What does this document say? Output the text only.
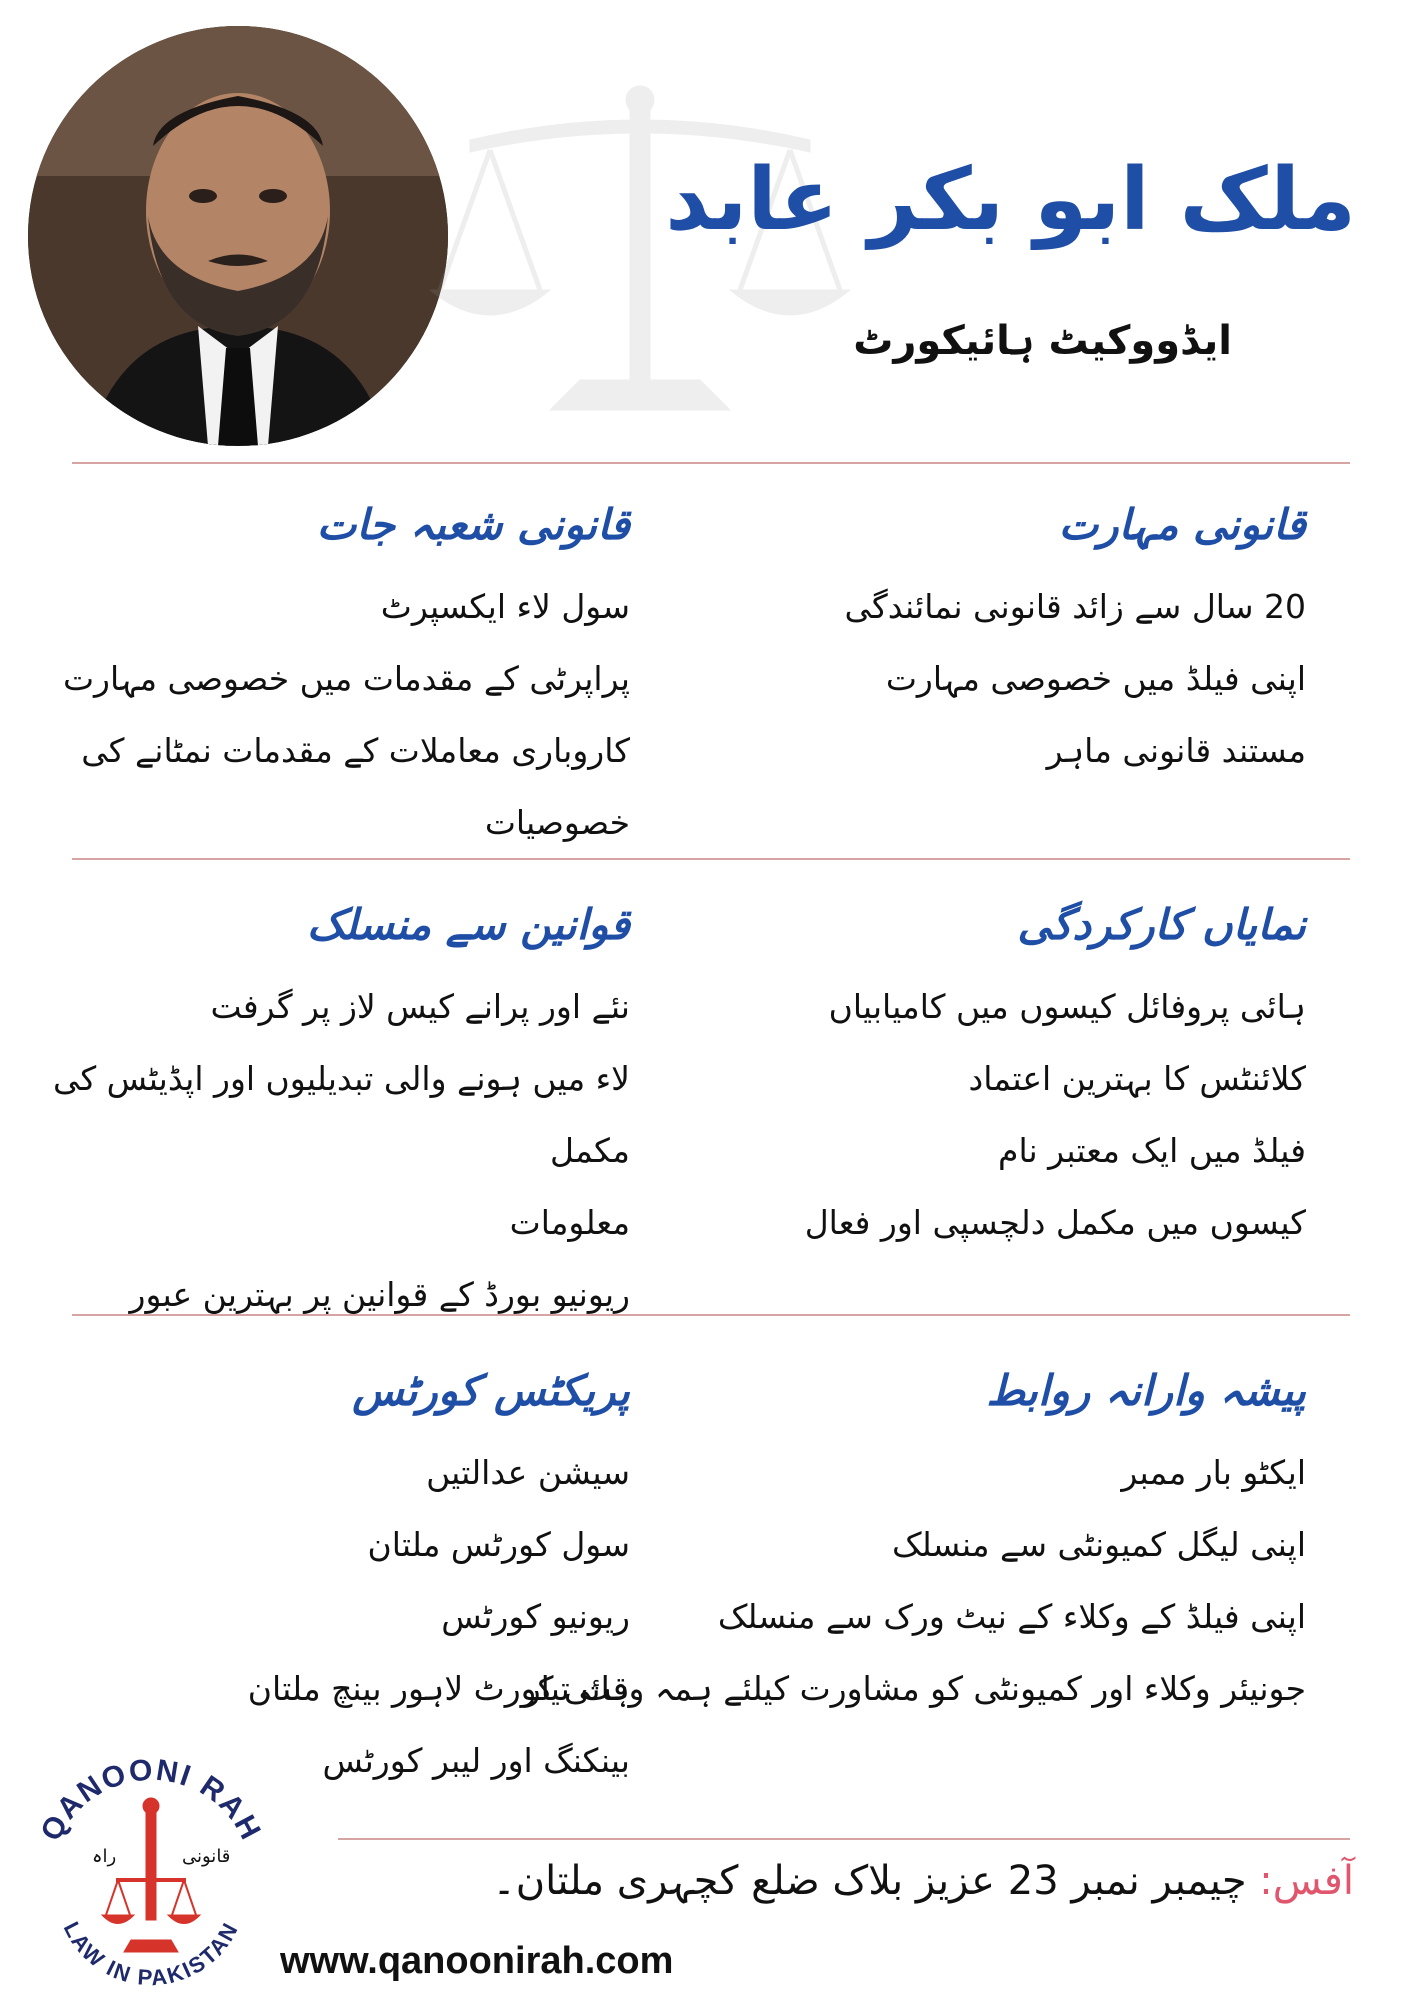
ملک ابو بکر عابد
ایڈووکیٹ ہائیکورٹ
قانونی مہارت
20 سال سے زائد قانونی نمائندگی
اپنی فیلڈ میں خصوصی مہارت
مستند قانونی ماہر
قانونی شعبہ جات
سول لاء ایکسپرٹ
پراپرٹی کے مقدمات میں خصوصی مہارت
کاروباری معاملات کے مقدمات نمٹانے کی
خصوصیات
نمایاں کارکردگی
ہائی پروفائل کیسوں میں کامیابیاں
کلائنٹس کا بہترین اعتماد
فیلڈ میں ایک معتبر نام
کیسوں میں مکمل دلچسپی اور فعال
قوانین سے منسلک
نئے اور پرانے کیس لاز پر گرفت
لاء میں ہونے والی تبدیلیوں اور اپڈیٹس کی مکمل
معلومات
ریونیو بورڈ کے قوانین پر بہترین عبور
پیشہ وارانہ روابط
ایکٹو بار ممبر
اپنی لیگل کمیونٹی سے منسلک
اپنی فیلڈ کے وکلاء کے نیٹ ورک سے منسلک
جونیئر وکلاء اور کمیونٹی کو مشاورت کیلئے ہمہ وقت تیار
پریکٹس کورٹس
سیشن عدالتیں
سول کورٹس ملتان
ریونیو کورٹس
ہائی کورٹ لاہور بینچ ملتان
بینکنگ اور لیبر کورٹس
QANOONI RAH
LAW IN PAKISTAN
قانونی
راہ
آفس: چیمبر نمبر 23 عزیز بلاک ضلع کچہری ملتان۔
www.qanoonirah.com
